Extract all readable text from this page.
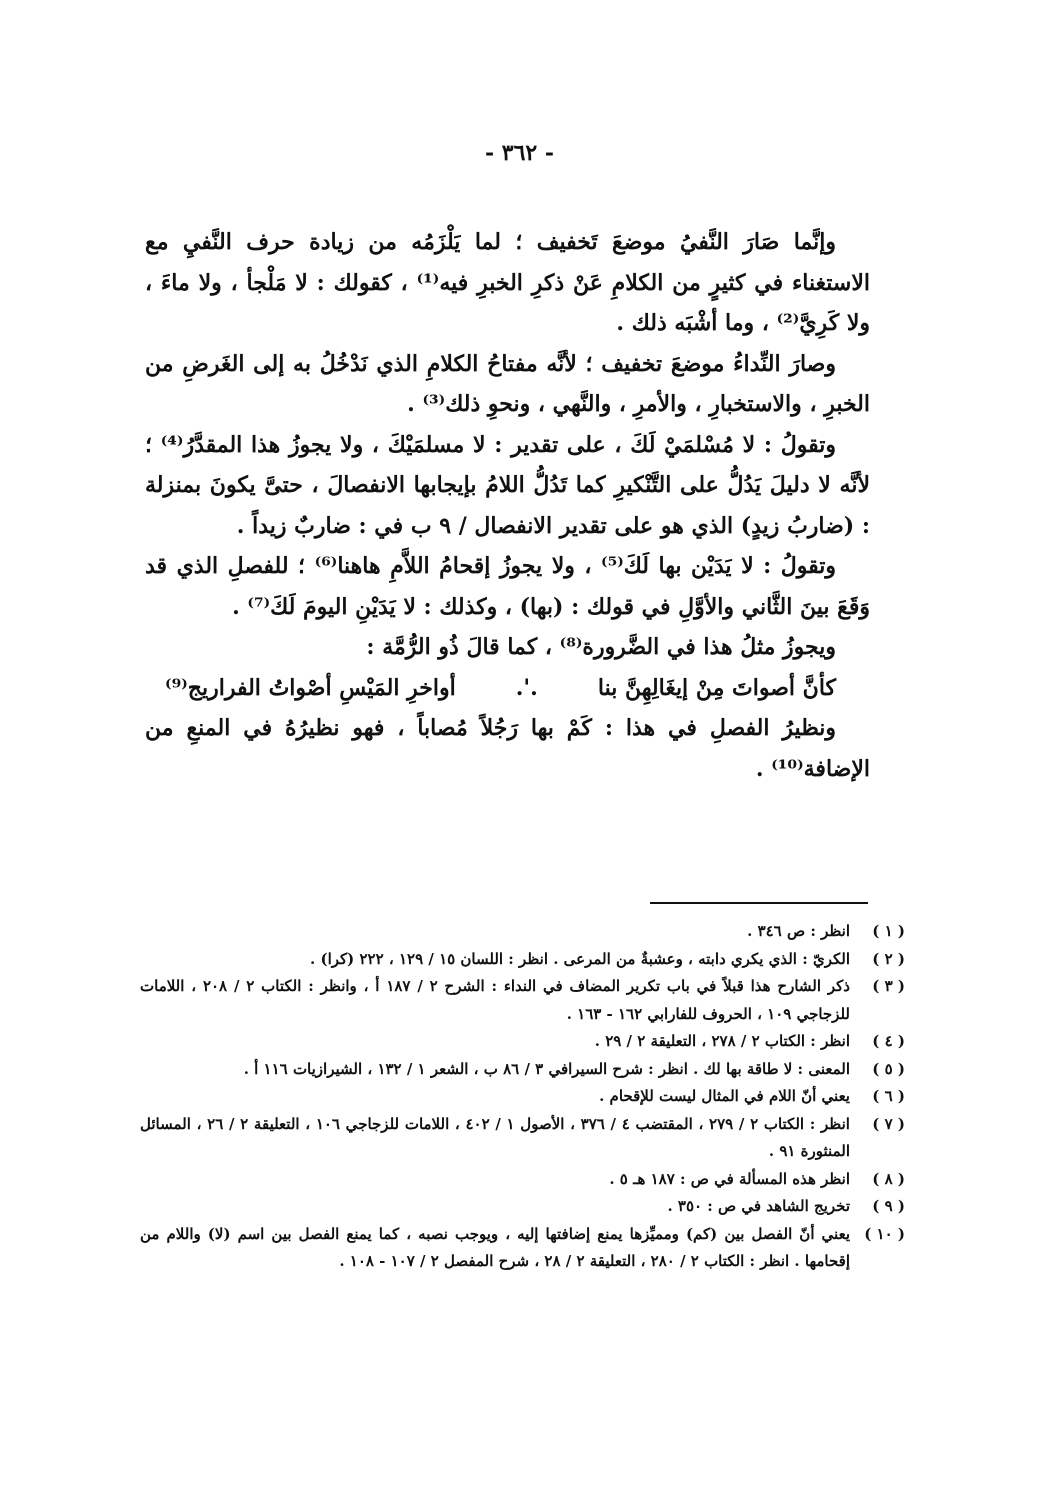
- ٣٦٢ -

وإنَّما صَارَ النَّفيُ موضعَ تَخفيف ؛ لما يَلْزَمُه من زيادة حرف النَّفيِ مع الاستغناء في كثيرٍ من الكلامِ عَنْ ذكرِ الخبرِ فيه⁽¹⁾ ، كقولك : لا مَلْجأ ، ولا ماءَ ، ولا كَرِيَّ⁽²⁾ ، وما أشْبَه ذلك .

وصارَ النِّداءُ موضعَ تخفيف ؛ لأنَّه مفتاحُ الكلامِ الذي نَدْخُلُ به إلى الغَرضِ من الخبرِ ، والاستخبارِ ، والأمرِ ، والنَّهي ، ونحوِ ذلك⁽³⁾ .

وتقولُ : لا مُسْلمَيْ لَكَ ، على تقدير : لا مسلمَيْكَ ، ولا يجوزُ هذا المقدَّرُ⁽⁴⁾ ؛ لأنَّه لا دليلَ يَدُلُّ على التَّنْكيرِ كما تَدُلُّ اللامُ بإيجابها الانفصالَ ، حتىَّ يكونَ بمنزلة : (ضاربُ زيدٍ) الذي هو على تقدير الانفصال / ٩ ب في : ضاربٌ زيداً .

وتقولُ : لا يَدَيْن بها لَكَ⁽⁵⁾ ، ولا يجوزُ إقحامُ اللاَّمِ هاهنا⁽⁶⁾ ؛ للفصلِ الذي قد وَقَعَ بينَ الثَّاني والأوَّلِ في قولك : (بها) ، وكذلك : لا يَدَيْنِ اليومَ لَكَ⁽⁷⁾ .

ويجوزُ مثلُ هذا في الضَّرورة⁽⁸⁾ ، كما قالَ ذُو الرُّمَّة :

كأنَّ أصواتَ مِنْ إيغَالِهِنَّ بنا
.'.
أواخرِ المَيْسِ أصْواتُ الفراريج⁽⁹⁾

ونظيرُ الفصلِ في هذا : كَمْ بها رَجُلاً مُصاباً ، فهو نظيرُهُ في المنعِ من الإضافة⁽¹⁰⁾ .

( ١ )
انظر : ص ٣٤٦ .
( ٢ )
الكريّ : الذي يكري دابته ، وعشبةٌ من المرعى . انظر : اللسان ١٥ / ١٢٩ ، ٢٢٢ (كرا) .
( ٣ )
ذكر الشارح هذا قبلاً في باب تكرير المضاف في النداء : الشرح ٢ / ١٨٧ أ ، وانظر : الكتاب ٢ / ٢٠٨ ، اللامات للزجاجي ١٠٩ ، الحروف للفارابي ١٦٢ - ١٦٣ .
( ٤ )
انظر : الكتاب ٢ / ٢٧٨ ، التعليقة ٢ / ٢٩ .
( ٥ )
المعنى : لا طاقة بها لك . انظر : شرح السيرافي ٣ / ٨٦ ب ، الشعر ١ / ١٣٢ ، الشيرازيات ١١٦ أ .
( ٦ )
يعني أنّ اللام في المثال ليست للإقحام .
( ٧ )
انظر : الكتاب ٢ / ٢٧٩ ، المقتضب ٤ / ٣٧٦ ، الأصول ١ / ٤٠٢ ، اللامات للزجاجي ١٠٦ ، التعليقة ٢ / ٢٦ ، المسائل المنثورة ٩١ .
( ٨ )
انظر هذه المسألة في ص : ١٨٧ هـ ٥ .
( ٩ )
تخريج الشاهد في ص : ٣٥٠ .
( ١٠ )
يعني أنّ الفصل بين (كم) ومميِّزها يمنع إضافتها إليه ، ويوجب نصبه ، كما يمنع الفصل بين اسم (لا) واللام من إقحامها . انظر : الكتاب ٢ / ٢٨٠ ، التعليقة ٢ / ٢٨ ، شرح المفصل ٢ / ١٠٧ - ١٠٨ .
